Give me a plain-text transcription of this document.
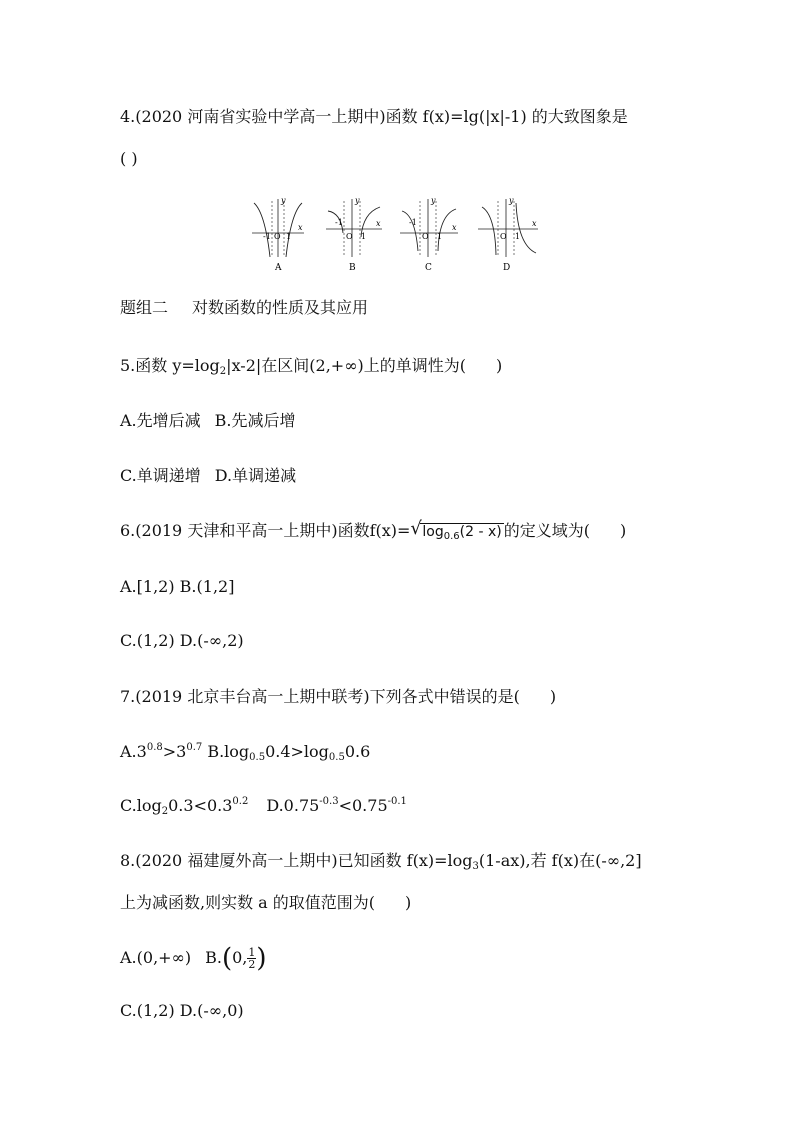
4.(2020 河南省实验中学高一上期中)函数 f(x)=lg(|x|-1) 的大致图象是
( )
y
x
-1 O 1
A
y
x
-1
O 1
B
y
x
-1
O 1
C
y
x
O 1
D
题组二 对数函数的性质及其应用
5.函数 $y=\log_2|x-2|$在区间(2,+∞)上的单调性为( )
A.先增后减 B.先减后增
C.单调递增 D.单调递减
6.(2019 天津和平高一上期中)函数f(x)= √ $\log_{0.6}(2 - x)$ 的定义域为( )
A.[1,2) B.(1,2]
C.(1,2) D.(-∞,2)
7.(2019 北京丰台高一上期中联考)下列各式中错误的是( )
$A.3^{0.8}>3^{0.7}$ $B.\log_{0.5}0.4>\log_{0.5}0.6$
$C.\log_20.3<0.3^{0.2}$ $D.0.75^{-0.3}<0.75^{-0.1}$
8.(2020 福建厦外高一上期中)已知函数 $f(x)=\log_3(1-ax)$,若 f(x)在(-∞,2]
上为减函数,则实数 a 的取值范围为( )
A.(0,+∞) B.(0, $\frac{1}{2}$ )
C.(1,2) D.(-∞,0)
